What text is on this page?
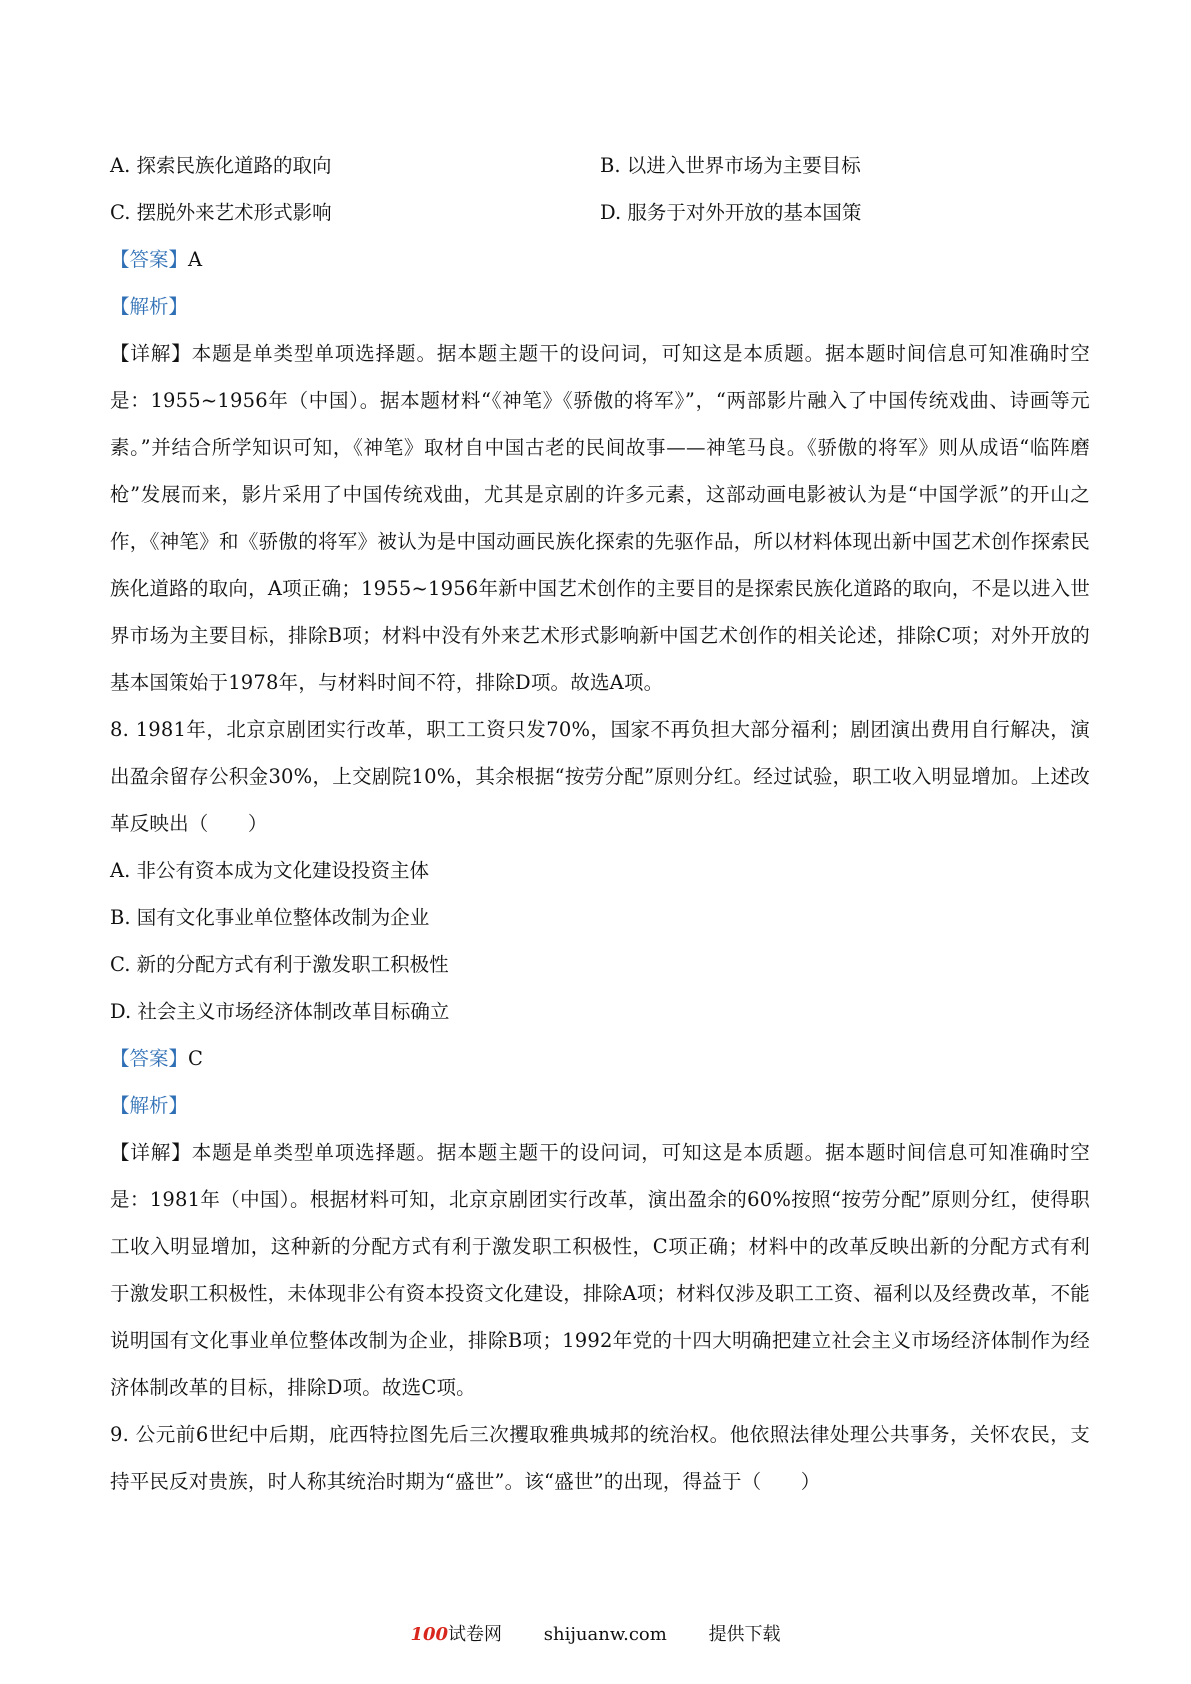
A. 探索民族化道路的取向	B. 以进入世界市场为主要目标
C. 摆脱外来艺术形式影响	D. 服务于对外开放的基本国策
【答案】A
【解析】
【详解】本题是单类型单项选择题。据本题主题干的设问词，可知这是本质题。据本题时间信息可知准确时空是：1955~1956年（中国）。据本题材料“《神笔》《骄傲的将军》”，“两部影片融入了中国传统戏曲、诗画等元素。”并结合所学知识可知，《神笔》取材自中国古老的民间故事——神笔马良。《骄傲的将军》则从成语“临阵磨枪”发展而来，影片采用了中国传统戏曲，尤其是京剧的许多元素，这部动画电影被认为是“中国学派”的开山之作，《神笔》和《骄傲的将军》被认为是中国动画民族化探索的先驱作品，所以材料体现出新中国艺术创作探索民族化道路的取向，A项正确；1955~1956年新中国艺术创作的主要目的是探索民族化道路的取向，不是以进入世界市场为主要目标，排除B项；材料中没有外来艺术形式影响新中国艺术创作的相关论述，排除C项；对外开放的基本国策始于1978年，与材料时间不符，排除D项。故选A项。
8. 1981年，北京京剧团实行改革，职工工资只发70%，国家不再负担大部分福利；剧团演出费用自行解决，演出盈余留存公积金30%，上交剧院10%，其余根据“按劳分配”原则分红。经过试验，职工收入明显增加。上述改革反映出（　　）
A. 非公有资本成为文化建设投资主体
B. 国有文化事业单位整体改制为企业
C. 新的分配方式有利于激发职工积极性
D. 社会主义市场经济体制改革目标确立
【答案】C
【解析】
【详解】本题是单类型单项选择题。据本题主题干的设问词，可知这是本质题。据本题时间信息可知准确时空是：1981年（中国）。根据材料可知，北京京剧团实行改革，演出盈余的60%按照“按劳分配”原则分红，使得职工收入明显增加，这种新的分配方式有利于激发职工积极性，C项正确；材料中的改革反映出新的分配方式有利于激发职工积极性，未体现非公有资本投资文化建设，排除A项；材料仅涉及职工工资、福利以及经费改革，不能说明国有文化事业单位整体改制为企业，排除B项；1992年党的十四大明确把建立社会主义市场经济体制作为经济体制改革的目标，排除D项。故选C项。
9. 公元前6世纪中后期，庇西特拉图先后三次攫取雅典城邦的统治权。他依照法律处理公共事务，关怀农民，支持平民反对贵族，时人称其统治时期为“盛世”。该“盛世”的出现，得益于（　　）
100试卷网 shijuanw.com 提供下载
